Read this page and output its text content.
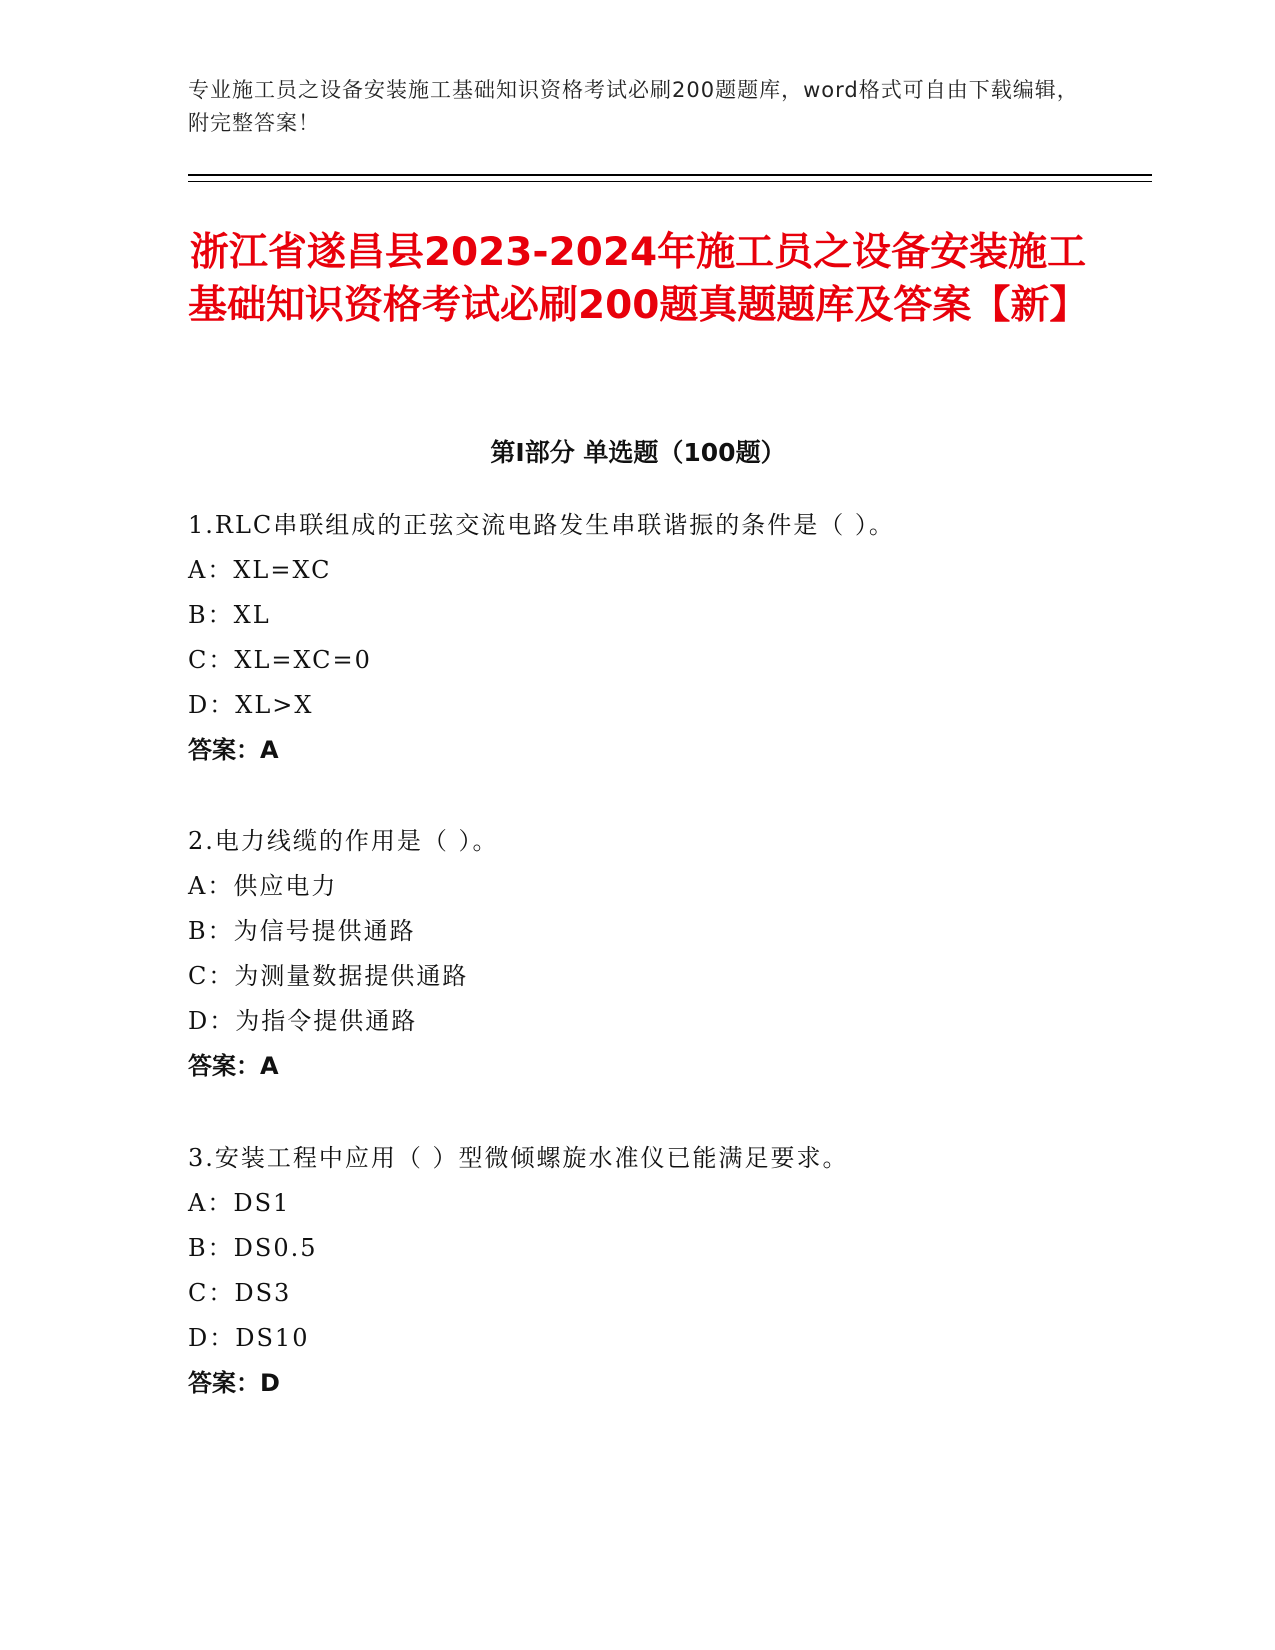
专业施工员之设备安装施工基础知识资格考试必刷200题题库，word格式可自由下载编辑，附完整答案！
浙江省遂昌县2023-2024年施工员之设备安装施工基础知识资格考试必刷200题真题题库及答案【新】
第I部分 单选题（100题）
1.RLC串联组成的正弦交流电路发生串联谐振的条件是（ ）。
A：XL=XC
B：XL
C：XL=XC=0
D：XL>X
答案：A
2.电力线缆的作用是（ ）。
A：供应电力
B：为信号提供通路
C：为测量数据提供通路
D：为指令提供通路
答案：A
3.安装工程中应用（ ）型微倾螺旋水准仪已能满足要求。
A：DS1
B：DS0.5
C：DS3
D：DS10
答案：D
